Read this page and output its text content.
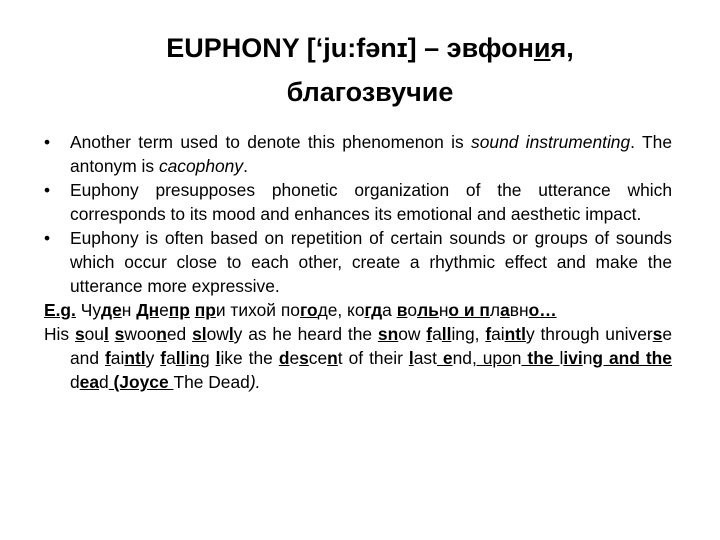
EUPHONY [‘ju:fənɪ] – эвфония,
благозвучие
• Another term used to denote this phenomenon is sound instrumenting. The antonym is cacophony.
• Euphony presupposes phonetic organization of the utterance which corresponds to its mood and enhances its emotional and aesthetic impact.
• Euphony is often based on repetition of certain sounds or groups of sounds which occur close to each other, create a rhythmic effect and make the utterance more expressive.
E.g. Чуден Днепр при тихой погоде, когда вольно и плавно…
His soul swooned slowly as he heard the snow falling, faintly through universe and faintly falling like the descent of their last end, upon the living and the dead (Joyce The Dead).
